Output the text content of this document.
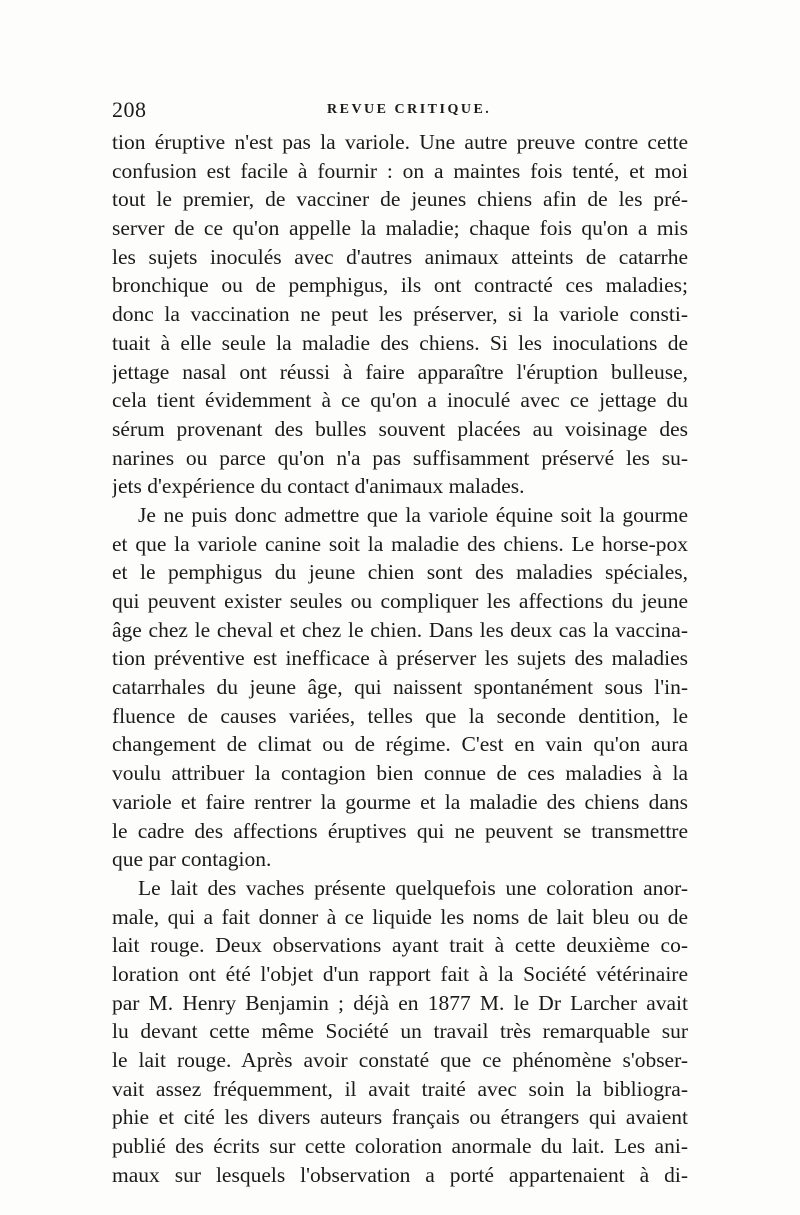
208	REVUE CRITIQUE.
tion éruptive n'est pas la variole. Une autre preuve contre cette
confusion est facile à fournir : on a maintes fois tenté, et moi
tout le premier, de vacciner de jeunes chiens afin de les pré-
server de ce qu'on appelle la maladie; chaque fois qu'on a mis
les sujets inoculés avec d'autres animaux atteints de catarrhe
bronchique ou de pemphigus, ils ont contracté ces maladies;
donc la vaccination ne peut les préserver, si la variole consti-
tuait à elle seule la maladie des chiens. Si les inoculations de
jettage nasal ont réussi à faire apparaître l'éruption bulleuse,
cela tient évidemment à ce qu'on a inoculé avec ce jettage du
sérum provenant des bulles souvent placées au voisinage des
narines ou parce qu'on n'a pas suffisamment préservé les su-
jets d'expérience du contact d'animaux malades.
Je ne puis donc admettre que la variole équine soit la gourme
et que la variole canine soit la maladie des chiens. Le horse-pox
et le pemphigus du jeune chien sont des maladies spéciales,
qui peuvent exister seules ou compliquer les affections du jeune
âge chez le cheval et chez le chien. Dans les deux cas la vaccina-
tion préventive est inefficace à préserver les sujets des maladies
catarrhales du jeune âge, qui naissent spontanément sous l'in-
fluence de causes variées, telles que la seconde dentition, le
changement de climat ou de régime. C'est en vain qu'on aura
voulu attribuer la contagion bien connue de ces maladies à la
variole et faire rentrer la gourme et la maladie des chiens dans
le cadre des affections éruptives qui ne peuvent se transmettre
que par contagion.
Le lait des vaches présente quelquefois une coloration anor-
male, qui a fait donner à ce liquide les noms de lait bleu ou de
lait rouge. Deux observations ayant trait à cette deuxième co-
loration ont été l'objet d'un rapport fait à la Société vétérinaire
par M. Henry Benjamin ; déjà en 1877 M. le Dr Larcher avait
lu devant cette même Société un travail très remarquable sur
le lait rouge. Après avoir constaté que ce phénomène s'obser-
vait assez fréquemment, il avait traité avec soin la bibliogra-
phie et cité les divers auteurs français ou étrangers qui avaient
publié des écrits sur cette coloration anormale du lait. Les ani-
maux sur lesquels l'observation a porté appartenaient à di-
